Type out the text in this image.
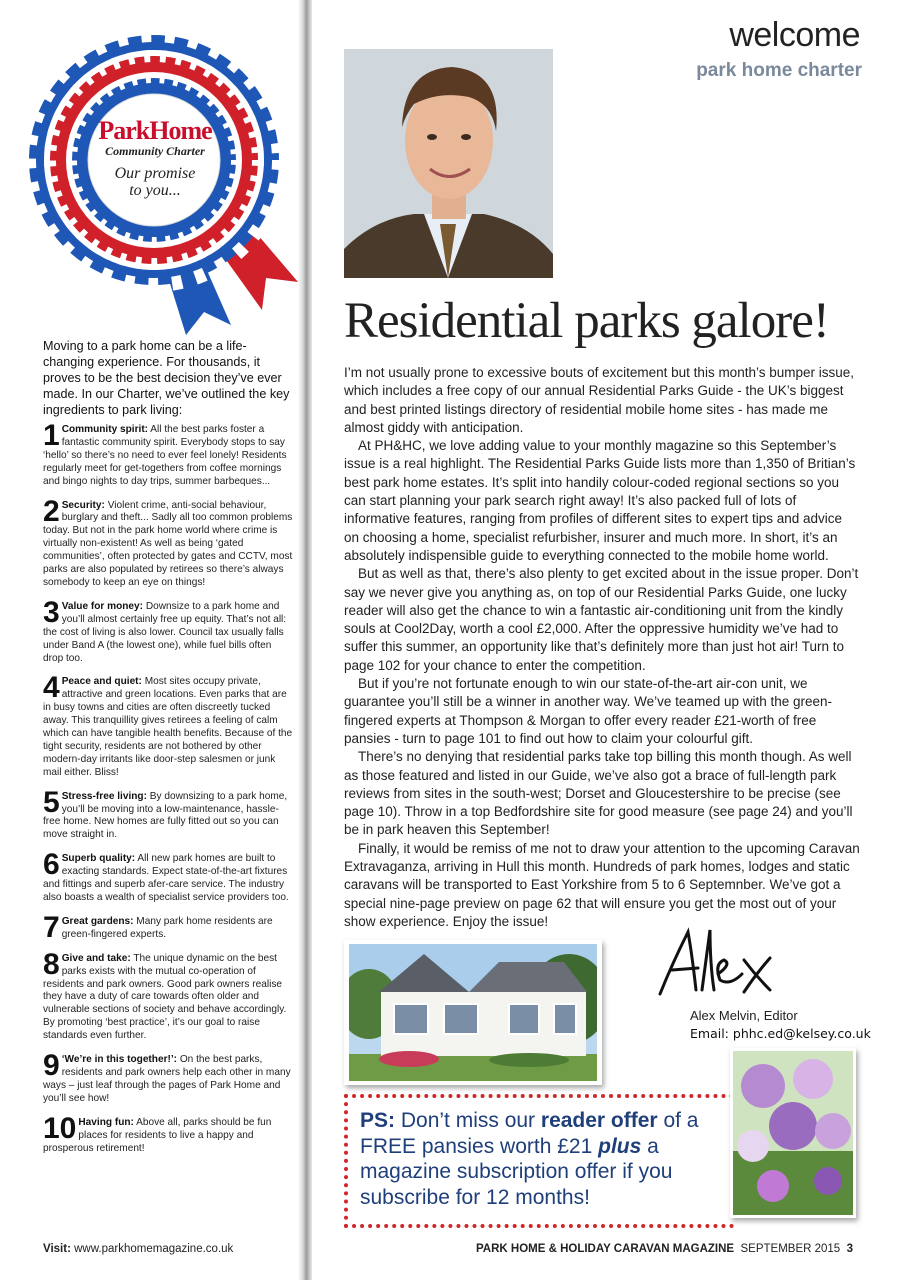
ParkHome
Community Charter
Our promise
to you...
Moving to a park home can be a life-changing experience. For thousands, it proves to be the best decision they’ve ever made. In our Charter, we’ve outlined the key ingredients to park living:
1 Community spirit: All the best parks foster a fantastic community spirit. Everybody stops to say ‘hello’ so there’s no need to ever feel lonely! Residents regularly meet for get-togethers from coffee mornings and bingo nights to day trips, summer barbeques...
2 Security: Violent crime, anti-social behaviour, burglary and theft... Sadly all too common problems today. But not in the park home world where crime is virtually non-existent! As well as being ‘gated communities’, often protected by gates and CCTV, most parks are also populated by retirees so there’s always somebody to keep an eye on things!
3 Value for money: Downsize to a park home and you’ll almost certainly free up equity. That’s not all: the cost of living is also lower. Council tax usually falls under Band A (the lowest one), while fuel bills often drop too.
4 Peace and quiet: Most sites occupy private, attractive and green locations. Even parks that are in busy towns and cities are often discreetly tucked away. This tranquillity gives retirees a feeling of calm which can have tangible health benefits. Because of the tight security, residents are not bothered by other modern-day irritants like door-step salesmen or junk mail either. Bliss!
5 Stress-free living: By downsizing to a park home, you’ll be moving into a low-maintenance, hassle-free home. New homes are fully fitted out so you can move straight in.
6 Superb quality: All new park homes are built to exacting standards. Expect state-of-the-art fixtures and fittings and superb afer-care service. The industry also boasts a wealth of specialist service providers too.
7 Great gardens: Many park home residents are green-fingered experts.
8 Give and take: The unique dynamic on the best parks exists with the mutual co-operation of residents and park owners. Good park owners realise they have a duty of care towards often older and vulnerable sections of society and behave accordingly. By promoting ‘best practice’, it’s our goal to raise standards even further.
9 ‘We’re in this together!’: On the best parks, residents and park owners help each other in many ways – just leaf through the pages of Park Home and you’ll see how!
10 Having fun: Above all, parks should be fun places for residents to live a happy and prosperous retirement!
welcome
park home charter
Residential parks galore!

I’m not usually prone to excessive bouts of excitement but this month’s bumper issue, which includes a free copy of our annual Residential Parks Guide - the UK’s biggest and best printed listings directory of residential mobile home sites - has made me almost giddy with anticipation.

At PH&HC, we love adding value to your monthly magazine so this September’s issue is a real highlight. The Residential Parks Guide lists more than 1,350 of Britian’s best park home estates. It’s split into handily colour-coded regional sections so you can start planning your park search right away! It’s also packed full of lots of informative features, ranging from profiles of different sites to expert tips and advice on choosing a home, specialist refurbisher, insurer and much more. In short, it’s an absolutely indispensible guide to everything connected to the mobile home world.

But as well as that, there’s also plenty to get excited about in the issue proper. Don’t say we never give you anything as, on top of our Residential Parks Guide, one lucky reader will also get the chance to win a fantastic air-conditioning unit from the kindly souls at Cool2Day, worth a cool £2,000. After the oppressive humidity we’ve had to suffer this summer, an opportunity like that’s definitely more than just hot air! Turn to page 102 for your chance to enter the competition.

But if you’re not fortunate enough to win our state-of-the-art air-con unit, we guarantee you’ll still be a winner in another way. We’ve teamed up with the green-fingered experts at Thompson & Morgan to offer every reader £21-worth of free pansies - turn to page 101 to find out how to claim your colourful gift.

There’s no denying that residential parks take top billing this month though. As well as those featured and listed in our Guide, we’ve also got a brace of full-length park reviews from sites in the south-west; Dorset and Gloucestershire to be precise (see page 10). Throw in a top Bedfordshire site for good measure (see page 24) and you’ll be in park heaven this September!

Finally, it would be remiss of me not to draw your attention to the upcoming Caravan Extravaganza, arriving in Hull this month. Hundreds of park homes, lodges and static caravans will be transported to East Yorkshire from 5 to 6 Septemnber. We’ve got a special nine-page preview on page 62 that will ensure you get the most out of your show experience. Enjoy the issue!

Alex Melvin, Editor
Email: phhc.ed@kelsey.co.uk
PS: Don’t miss our reader offer of a FREE pansies worth £21 plus a magazine subscription offer if you subscribe for 12 months!
Visit: www.parkhomemagazine.co.uk	PARK HOME & HOLIDAY CARAVAN MAGAZINE SEPTEMBER 2015 3
